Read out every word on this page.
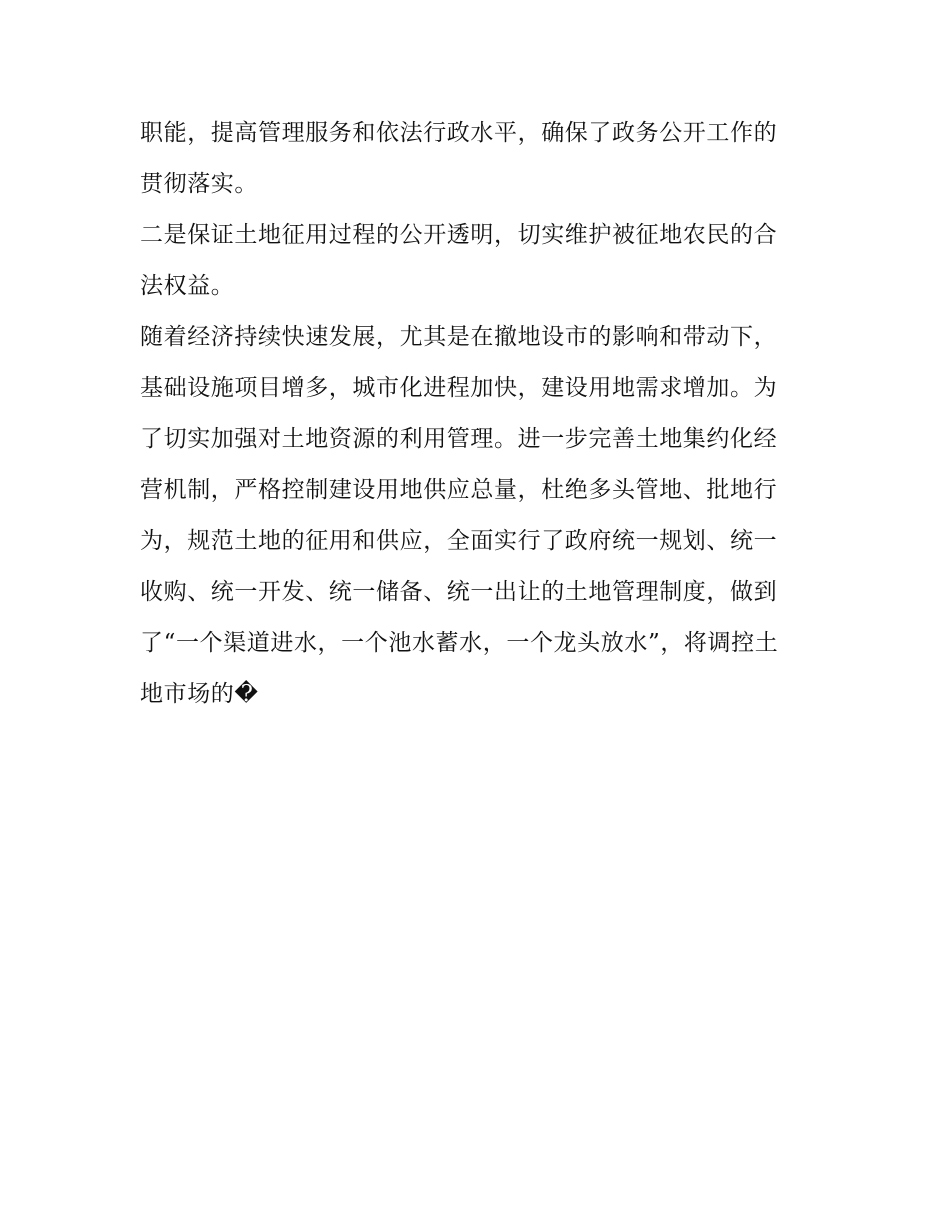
职能，提高管理服务和依法行政水平，确保了政务公开工作的
贯彻落实。
二是保证土地征用过程的公开透明，切实维护被征地农民的合
法权益。
随着经济持续快速发展，尤其是在撤地设市的影响和带动下，
基础设施项目增多，城市化进程加快，建设用地需求增加。为
了切实加强对土地资源的利用管理。进一步完善土地集约化经
营机制，严格控制建设用地供应总量，杜绝多头管地、批地行
为，规范土地的征用和供应，全面实行了政府统一规划、统一
收购、统一开发、统一储备、统一出让的土地管理制度，做到
了“一个渠道进水，一个池水蓄水，一个龙头放水”，将调控土
地市场的�
